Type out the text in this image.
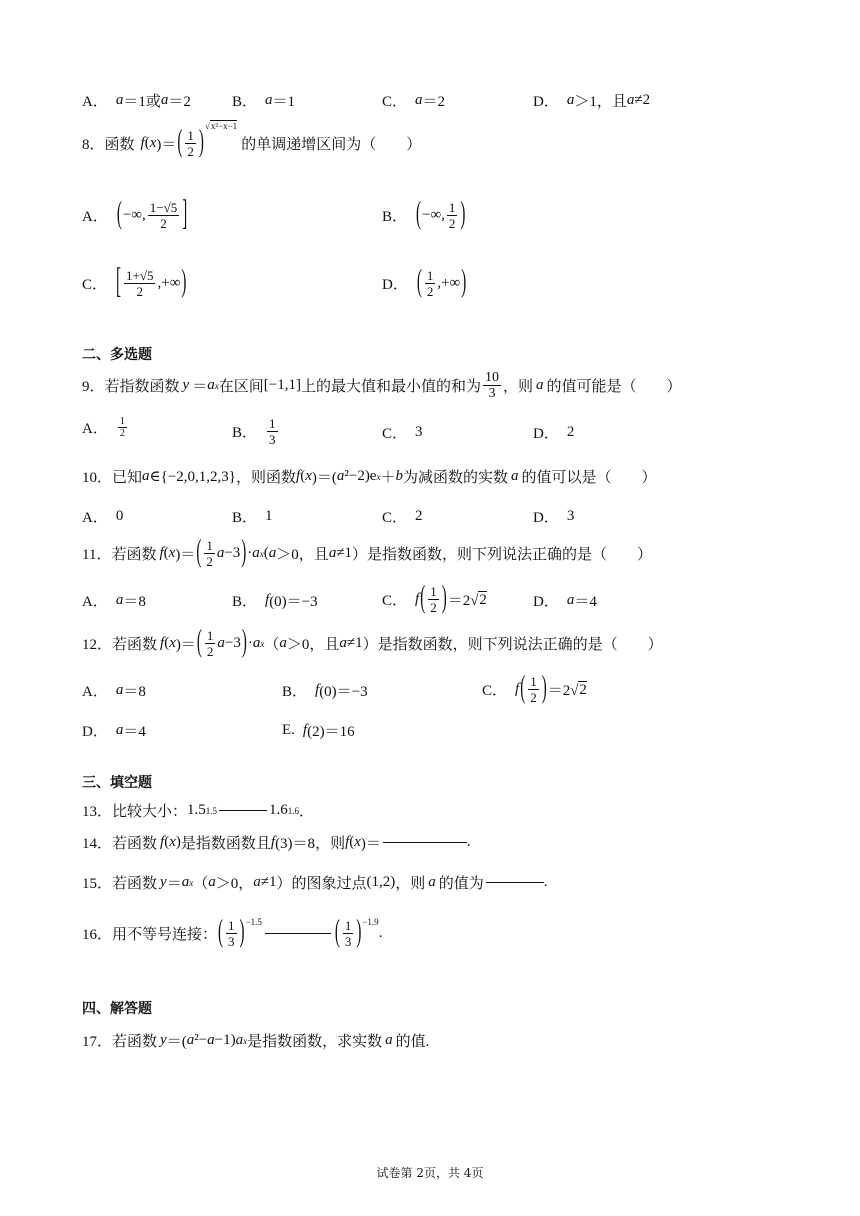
A． a ＝1或 a ＝2	B． a ＝1	C． a ＝2	D． a ＞1，且 a ≠2
8． 函数 f ( x )＝ ( $\frac{1}{2}$ )
√x²−x−1
的单调递增区间为（　　）
A． ( −∞, $\frac{1-√5}{2}$ ]	B． ( −∞, $\frac{1}{2}$ )
C． [ $\frac{1+√5}{2}$ ,+∞ )	D． ( $\frac{1}{2}$ ,+∞ )
二、多选题
9． 若指数函数 y ＝ a x 在区间 [−1,1] 上的最大值和最小值的和为 $\frac{10}{3}$ ，则 a 的值可能是（　　）
A． $\frac{1}{2}$	B． $\frac{1}{3}$	C． 3	D． 2
10． 已知 a ∈{−2,0,1,2,3} ，则函数 f ( x )＝( a ²−2)e x ＋ b 为减函数的实数 a 的值可以是（　　）
A． 0	B． 1	C． 2	D． 3
11． 若函数 f ( x )＝ ( $\frac{1}{2}$ a −3 ) · a x ( a ＞0 ，且 a ≠1 ）是指数函数，则下列说法正确的是（　　）
A． a ＝8	B． f (0)＝−3	C． f ( $\frac{1}{2}$ ) ＝2√ 2	D． a ＝4
12． 若函数 f ( x )＝ ( $\frac{1}{2}$ a −3 ) · a x （ a ＞0 ，且 a ≠1 ）是指数函数，则下列说法正确的是（　　）
A． a ＝8	B． f (0)＝−3	C． f ( $\frac{1}{2}$ ) ＝2√ 2
D． a ＝4	E. f (2)＝16
三、填空题
13． 比较大小： 1.5 1.5	1.6 1.6 ．
14． 若函数 f ( x ) 是指数函数且 f (3)＝8 ，则 f ( x )＝	.
15． 若函数 y ＝ a x （ a ＞0 ， a ≠1 ）的图象过点 (1,2) ，则 a 的值为	.
16． 用不等号连接： ( $\frac{1}{3} )^{-1.5}$	( $\frac{1}{3} )^{-1.9}$
.
四、解答题
17． 若函数 y ＝( a ²− a −1) a x 是指数函数，求实数 a 的值.
试卷第 2页，共 4页
